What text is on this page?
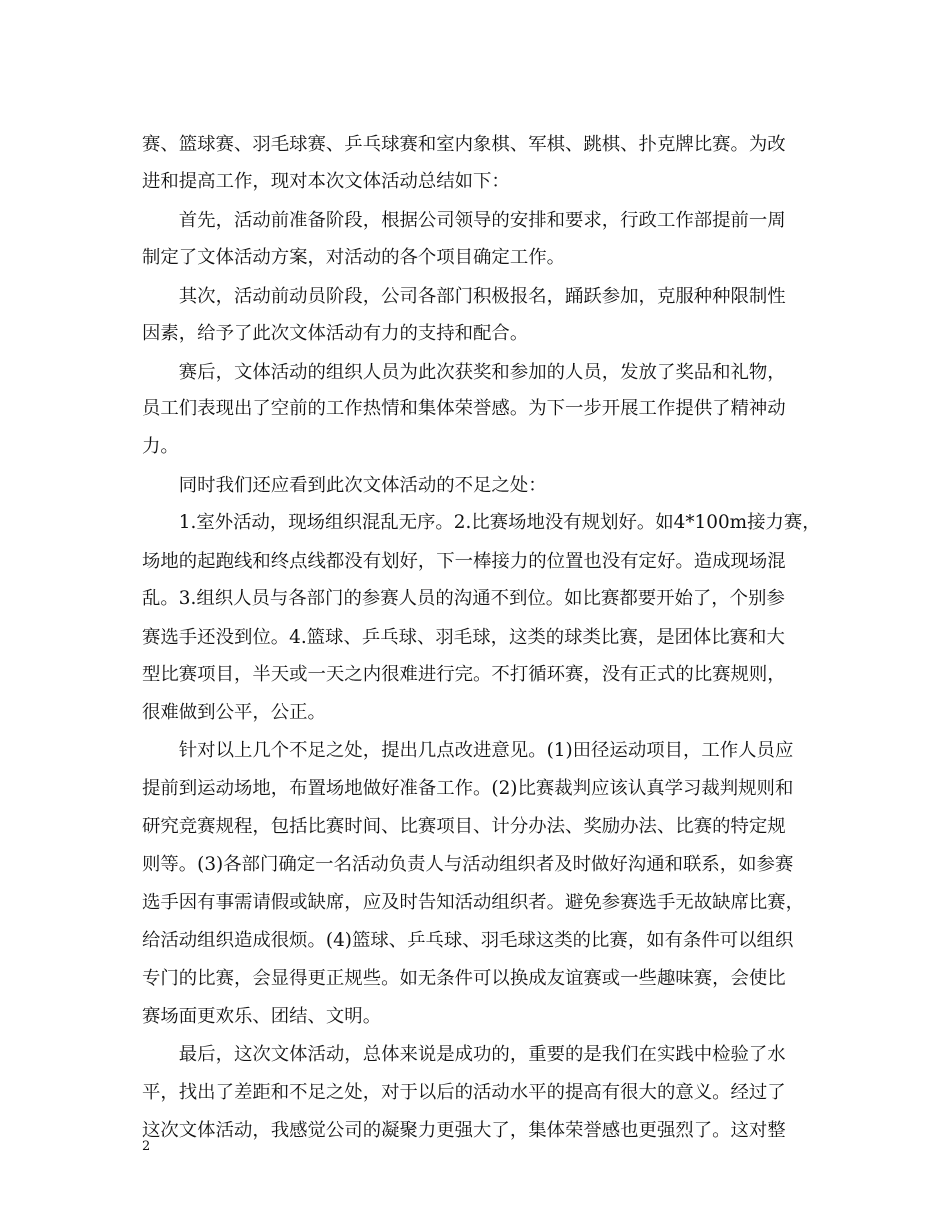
赛、篮球赛、羽毛球赛、乒乓球赛和室内象棋、军棋、跳棋、扑克牌比赛。为改
进和提高工作，现对本次文体活动总结如下：
　　首先，活动前准备阶段，根据公司领导的安排和要求，行政工作部提前一周
制定了文体活动方案，对活动的各个项目确定工作。
　　其次，活动前动员阶段，公司各部门积极报名，踊跃参加，克服种种限制性
因素，给予了此次文体活动有力的支持和配合。
　　赛后，文体活动的组织人员为此次获奖和参加的人员，发放了奖品和礼物，
员工们表现出了空前的工作热情和集体荣誉感。为下一步开展工作提供了精神动
力。
　　同时我们还应看到此次文体活动的不足之处：
　　1.室外活动，现场组织混乱无序。2.比赛场地没有规划好。如4*100m接力赛，
场地的起跑线和终点线都没有划好，下一棒接力的位置也没有定好。造成现场混
乱。3.组织人员与各部门的参赛人员的沟通不到位。如比赛都要开始了，个别参
赛选手还没到位。4.篮球、乒乓球、羽毛球，这类的球类比赛，是团体比赛和大
型比赛项目，半天或一天之内很难进行完。不打循环赛，没有正式的比赛规则，
很难做到公平，公正。
　　针对以上几个不足之处，提出几点改进意见。(1)田径运动项目，工作人员应
提前到运动场地，布置场地做好准备工作。(2)比赛裁判应该认真学习裁判规则和
研究竞赛规程，包括比赛时间、比赛项目、计分办法、奖励办法、比赛的特定规
则等。(3)各部门确定一名活动负责人与活动组织者及时做好沟通和联系，如参赛
选手因有事需请假或缺席，应及时告知活动组织者。避免参赛选手无故缺席比赛，
给活动组织造成很烦。(4)篮球、乒乓球、羽毛球这类的比赛，如有条件可以组织
专门的比赛，会显得更正规些。如无条件可以换成友谊赛或一些趣味赛，会使比
赛场面更欢乐、团结、文明。
　　最后，这次文体活动，总体来说是成功的，重要的是我们在实践中检验了水
平，找出了差距和不足之处，对于以后的活动水平的提高有很大的意义。经过了
这次文体活动，我感觉公司的凝聚力更强大了，集体荣誉感也更强烈了。这对整
2
